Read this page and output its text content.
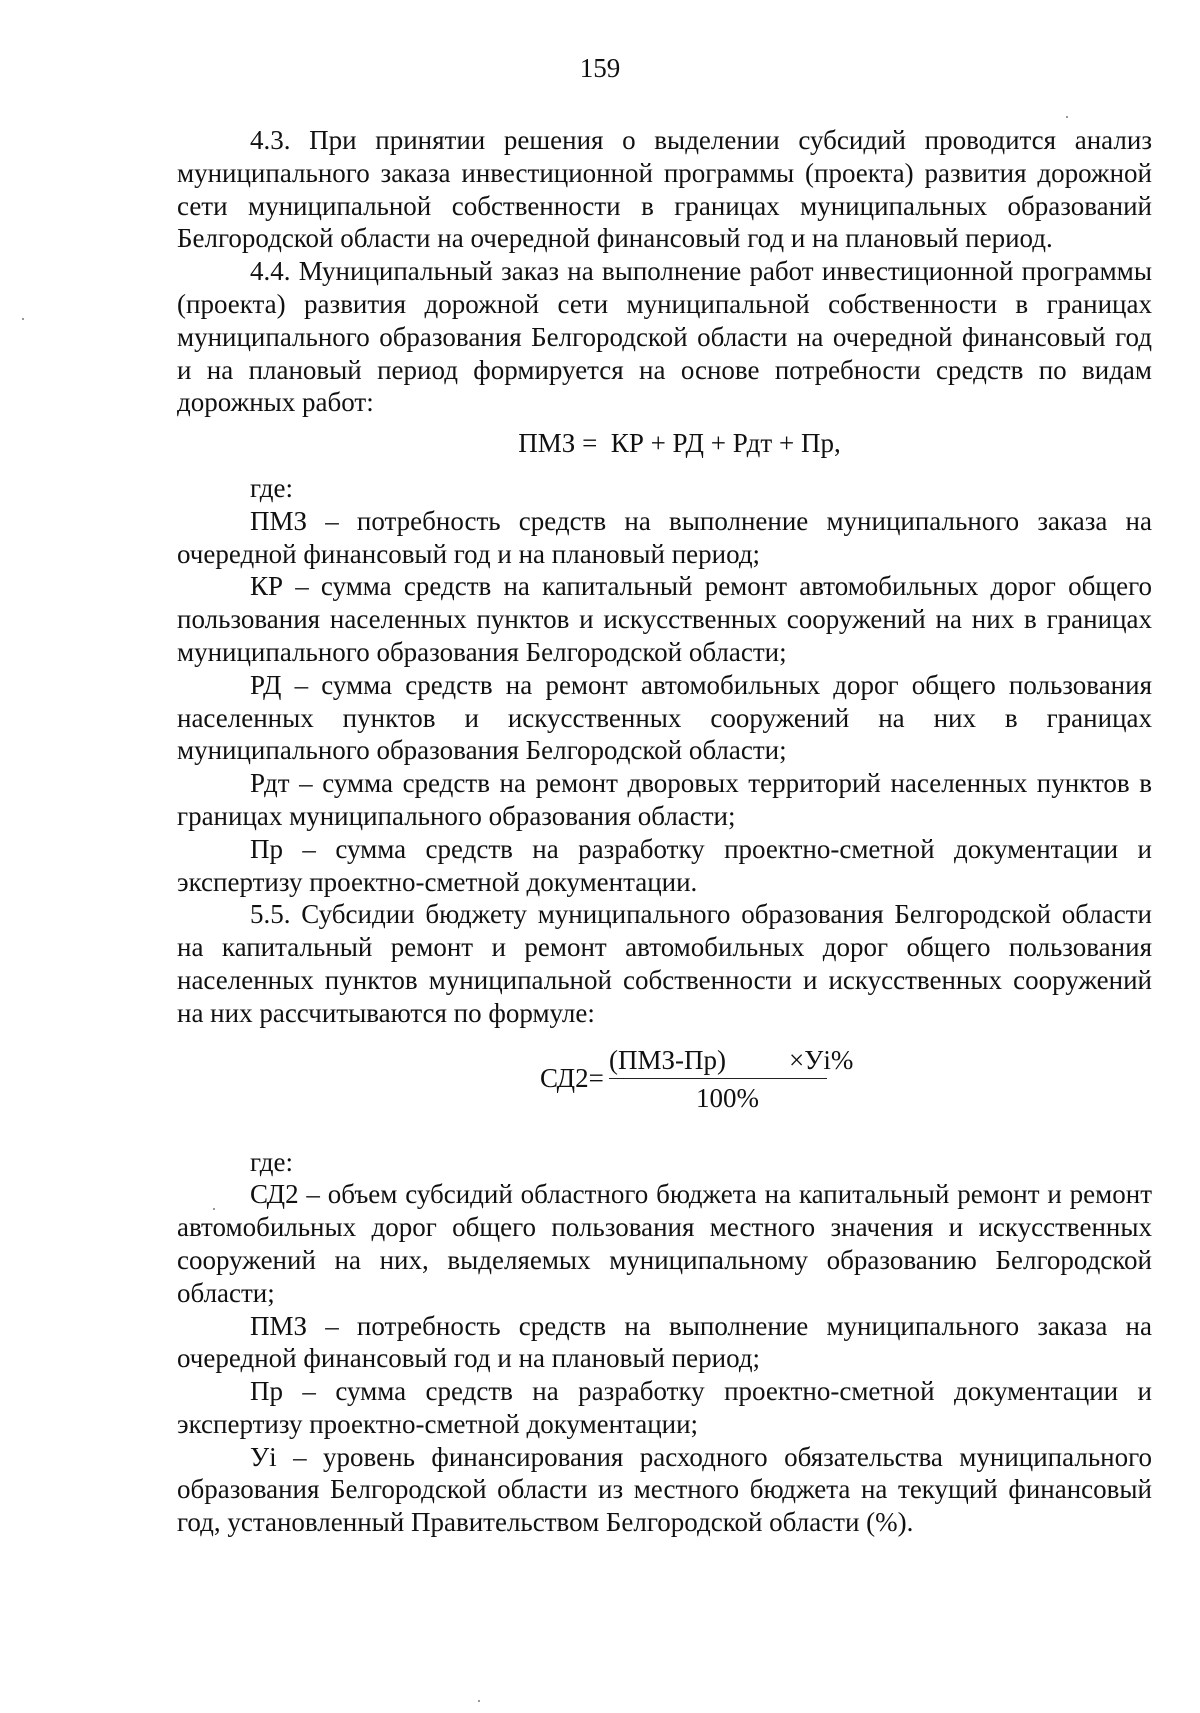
159

4.3. При принятии решения о выделении субсидий проводится анализ муниципального заказа инвестиционной программы (проекта) развития дорожной сети муниципальной собственности в границах муниципальных образований Белгородской области на очередной финансовый год и на плановый период.

4.4. Муниципальный заказ на выполнение работ инвестиционной программы (проекта) развития дорожной сети муниципальной собственности в границах муниципального образования Белгородской области на очередной финансовый год и на плановый период формируется на основе потребности средств по видам дорожных работ:

ПМЗ =  КР + РД + Рдт + Пр,

где:

ПМЗ – потребность средств на выполнение муниципального заказа на очередной финансовый год и на плановый период;

КР – сумма средств на капитальный ремонт автомобильных дорог общего пользования населенных пунктов и искусственных сооружений на них в границах муниципального образования Белгородской области;

РД – сумма средств на ремонт автомобильных дорог общего пользования населенных пунктов и искусственных сооружений на них в границах муниципального образования Белгородской области;

Рдт – сумма средств на ремонт дворовых территорий населенных пунктов в границах муниципального образования области;

Пр – сумма средств на разработку проектно-сметной документации и экспертизу проектно-сметной документации.

5.5. Субсидии бюджету муниципального образования Белгородской области на капитальный ремонт и ремонт автомобильных дорог общего пользования населенных пунктов муниципальной собственности и искусственных сооружений на них рассчитываются по формуле:

СД2=
(ПМЗ-Пр) ×Уi%
100%

где:

СД2 – объем субсидий областного бюджета на капитальный ремонт и ремонт автомобильных дорог общего пользования местного значения и искусственных сооружений на них, выделяемых муниципальному образованию Белгородской области;

ПМЗ – потребность средств на выполнение муниципального заказа на очередной финансовый год и на плановый период;

Пр – сумма средств на разработку проектно-сметной документации и экспертизу проектно-сметной документации;

Уi – уровень финансирования расходного обязательства муниципального образования Белгородской области из местного бюджета на текущий финансовый год, установленный Правительством Белгородской области (%).
